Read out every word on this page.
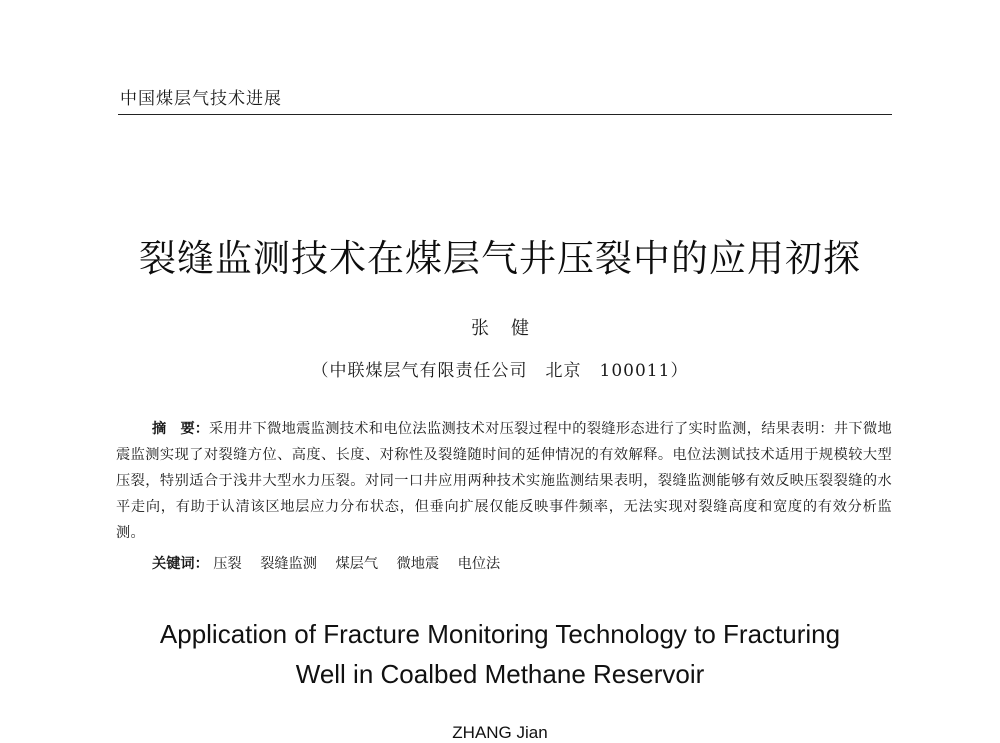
中国煤层气技术进展
裂缝监测技术在煤层气井压裂中的应用初探
张健
（中联煤层气有限责任公司　北京　100011）
摘　要：采用井下微地震监测技术和电位法监测技术对压裂过程中的裂缝形态进行了实时监测，结果表明：井下微地震监测实现了对裂缝方位、高度、长度、对称性及裂缝随时间的延伸情况的有效解释。电位法测试技术适用于规模较大型压裂，特别适合于浅井大型水力压裂。对同一口井应用两种技术实施监测结果表明，裂缝监测能够有效反映压裂裂缝的水平走向，有助于认清该区地层应力分布状态，但垂向扩展仅能反映事件频率，无法实现对裂缝高度和宽度的有效分析监测。
关键词： 压裂 裂缝监测 煤层气 微地震 电位法
Application of Fracture Monitoring Technology to Fracturing
Well in Coalbed Methane Reservoir
ZHANG Jian
